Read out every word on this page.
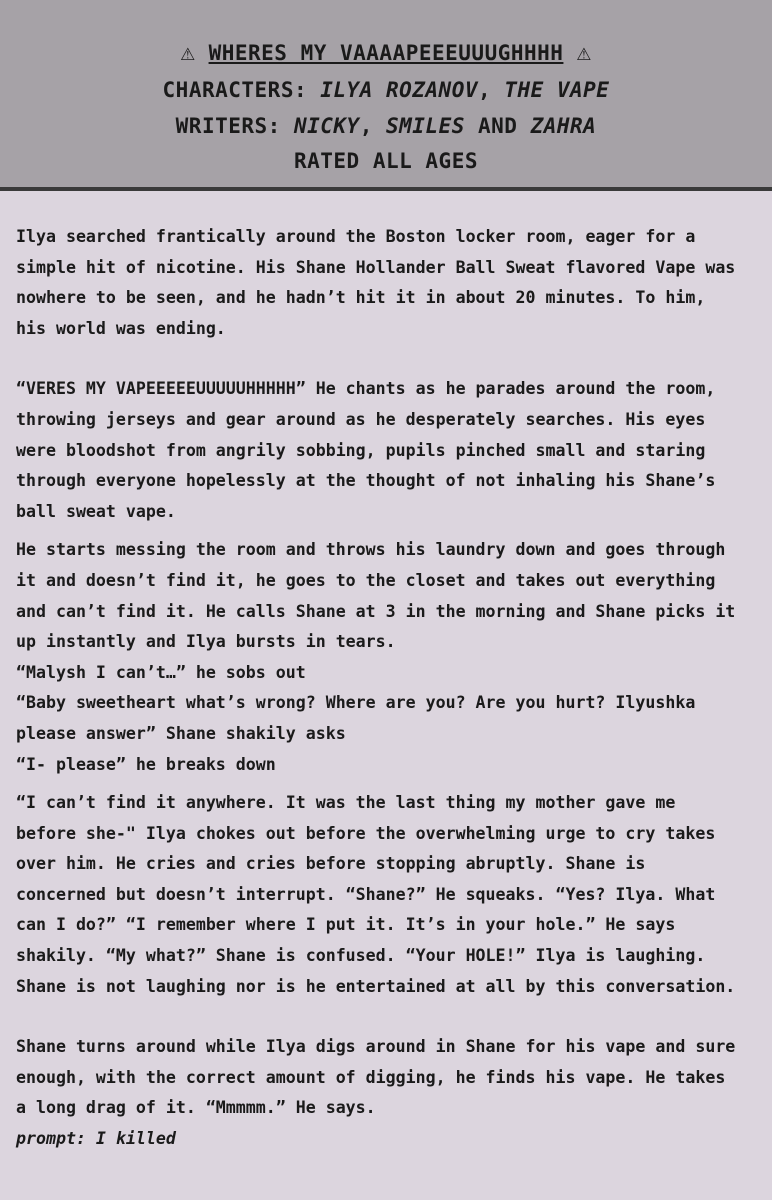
⚠ WHERES MY VAAAAPEEEUUUGHHHH ⚠
CHARACTERS: ILYA ROZANOV, THE VAPE
WRITERS: NICKY, SMILES AND ZAHRA
RATED ALL AGES

Ilya searched frantically around the Boston locker room, eager for a
simple hit of nicotine. His Shane Hollander Ball Sweat flavored Vape was
nowhere to be seen, and he hadn’t hit it in about 20 minutes. To him,
his world was ending.

“VERES MY VAPEEEEEUUUUUHHHHH” He chants as he parades around the room,
throwing jerseys and gear around as he desperately searches. His eyes
were bloodshot from angrily sobbing, pupils pinched small and staring
through everyone hopelessly at the thought of not inhaling his Shane’s
ball sweat vape.

He starts messing the room and throws his laundry down and goes through
it and doesn’t find it, he goes to the closet and takes out everything
and can’t find it. He calls Shane at 3 in the morning and Shane picks it
up instantly and Ilya bursts in tears.
“Malysh I can’t…” he sobs out
“Baby sweetheart what’s wrong? Where are you? Are you hurt? Ilyushka
please answer” Shane shakily asks
“I- please” he breaks down

“I can’t find it anywhere. It was the last thing my mother gave me
before she-" Ilya chokes out before the overwhelming urge to cry takes
over him. He cries and cries before stopping abruptly. Shane is
concerned but doesn’t interrupt. “Shane?” He squeaks. “Yes? Ilya. What
can I do?” “I remember where I put it. It’s in your hole.” He says
shakily. “My what?” Shane is confused. “Your HOLE!” Ilya is laughing.
Shane is not laughing nor is he entertained at all by this conversation.

Shane turns around while Ilya digs around in Shane for his vape and sure
enough, with the correct amount of digging, he finds his vape. He takes
a long drag of it. “Mmmmm.” He says.

prompt: I killed
